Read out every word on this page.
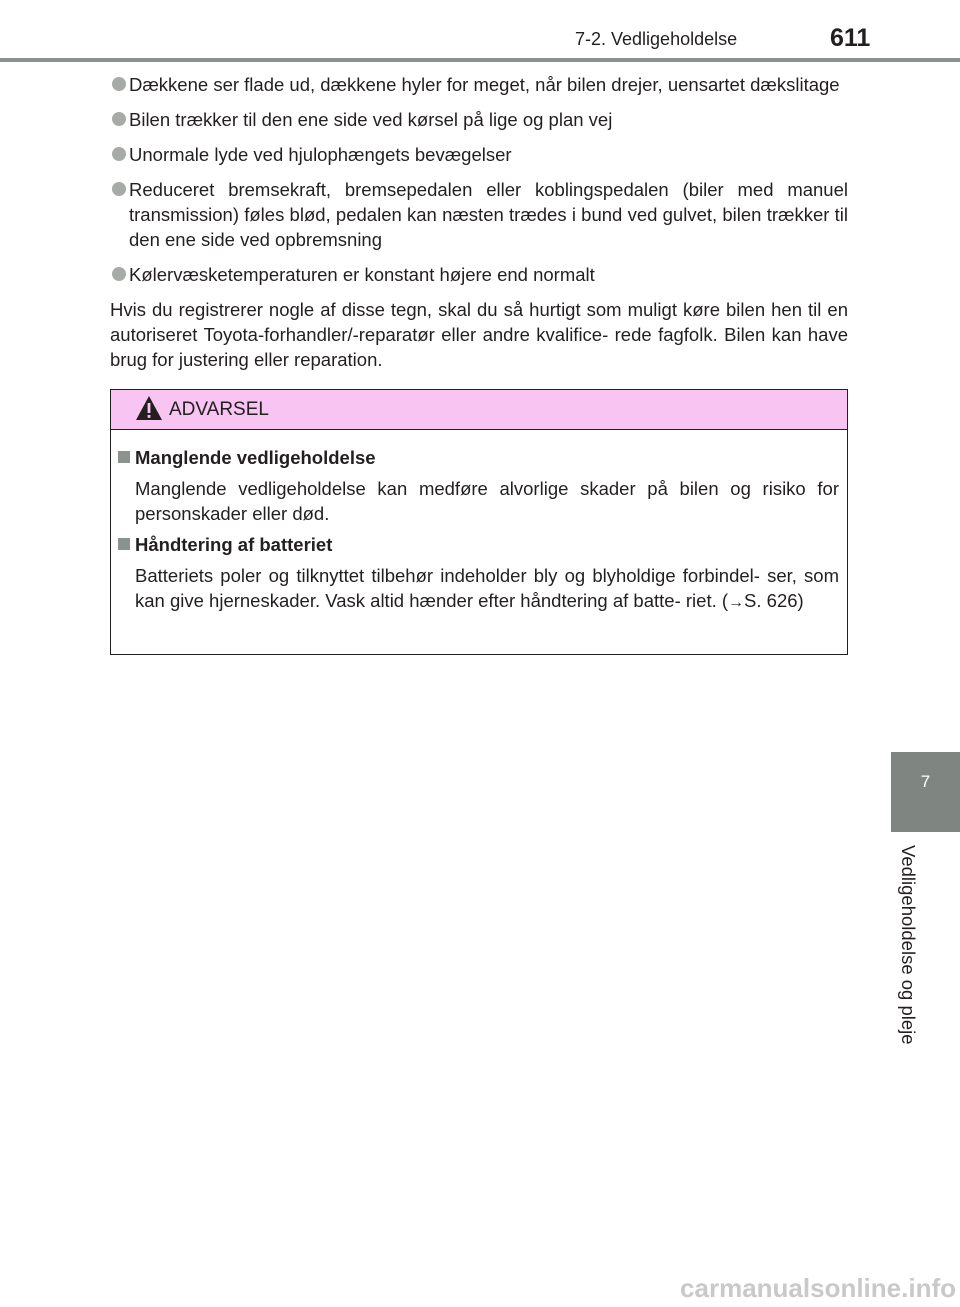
7-2. Vedligeholdelse	611
Dækkene ser flade ud, dækkene hyler for meget, når bilen drejer, uensartet dækslitage
Bilen trækker til den ene side ved kørsel på lige og plan vej
Unormale lyde ved hjulophængets bevægelser
Reduceret bremsekraft, bremsepedalen eller koblingspedalen (biler med manuel transmission) føles blød, pedalen kan næsten trædes i bund ved gulvet, bilen trækker til den ene side ved opbremsning
Kølervæsketemperaturen er konstant højere end normalt
Hvis du registrerer nogle af disse tegn, skal du så hurtigt som muligt køre bilen hen til en autoriseret Toyota-forhandler/-reparatør eller andre kvalifice- rede fagfolk. Bilen kan have brug for justering eller reparation.
ADVARSEL
Manglende vedligeholdelse
Manglende vedligeholdelse kan medføre alvorlige skader på bilen og risiko for personskader eller død.
Håndtering af batteriet
Batteriets poler og tilknyttet tilbehør indeholder bly og blyholdige forbindel- ser, som kan give hjerneskader. Vask altid hænder efter håndtering af batte- riet. (→S. 626)
7
Vedligeholdelse og pleje
carmanualsonline.info
